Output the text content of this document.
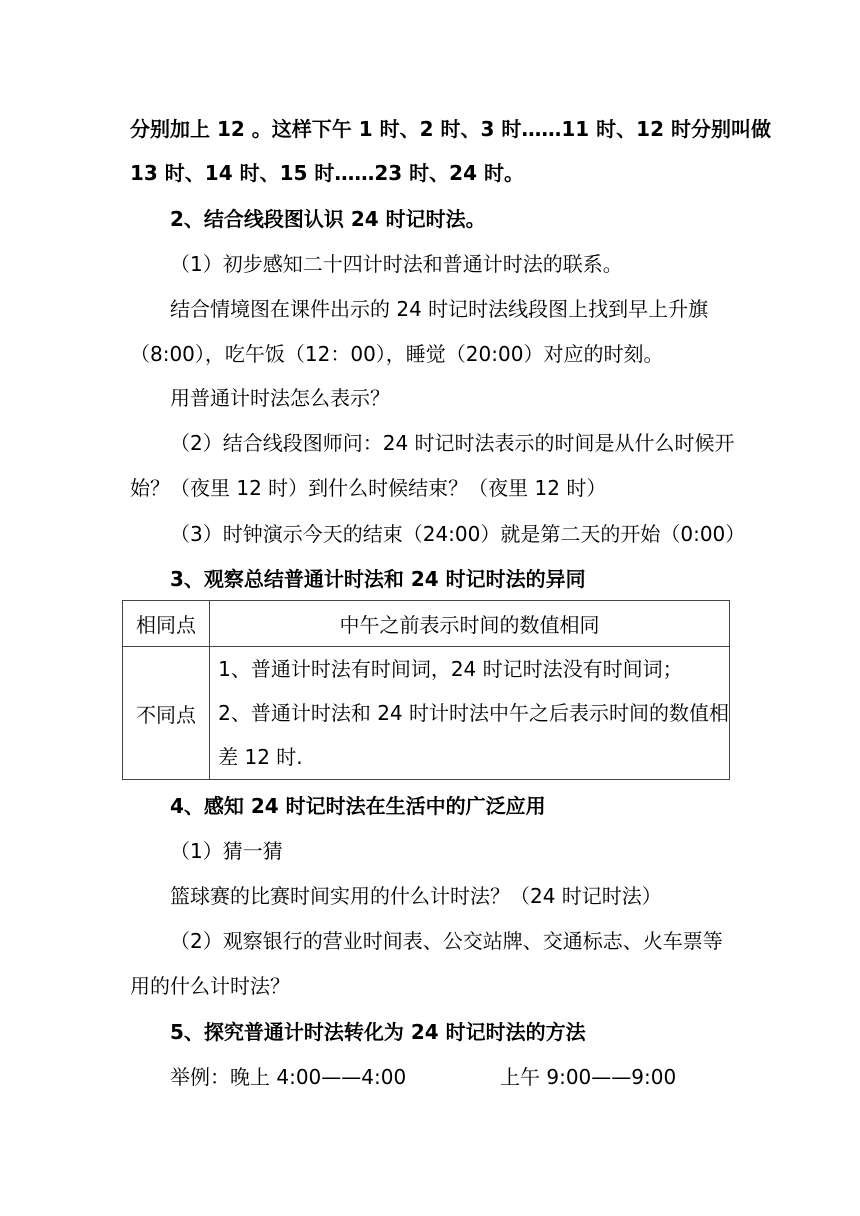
分别加上 12 。这样下午 1 时、2 时、3 时……11 时、12 时分别叫做
13 时、14 时、15 时……23 时、24 时。
2、结合线段图认识 24 时记时法。
（1）初步感知二十四计时法和普通计时法的联系。
结合情境图在课件出示的 24 时记时法线段图上找到早上升旗
（8:00），吃午饭（12：00），睡觉（20:00）对应的时刻。
用普通计时法怎么表示？
（2）结合线段图师问：24 时记时法表示的时间是从什么时候开
始？（夜里 12 时）到什么时候结束？（夜里 12 时）
（3）时钟演示今天的结束（24:00）就是第二天的开始（0:00）
3、观察总结普通计时法和 24 时记时法的异同
相同点	中午之前表示时间的数值相同
不同点	1、普通计时法有时间词，24 时记时法没有时间词；
2、普通计时法和 24 时计时法中午之后表示时间的数值相
差 12 时.
4、感知 24 时记时法在生活中的广泛应用
（1）猜一猜
篮球赛的比赛时间实用的什么计时法？（24 时记时法）
（2）观察银行的营业时间表、公交站牌、交通标志、火车票等
用的什么计时法？
5、探究普通计时法转化为 24 时记时法的方法
举例：晚上 4:00——4:00	上午 9:00——9:00
